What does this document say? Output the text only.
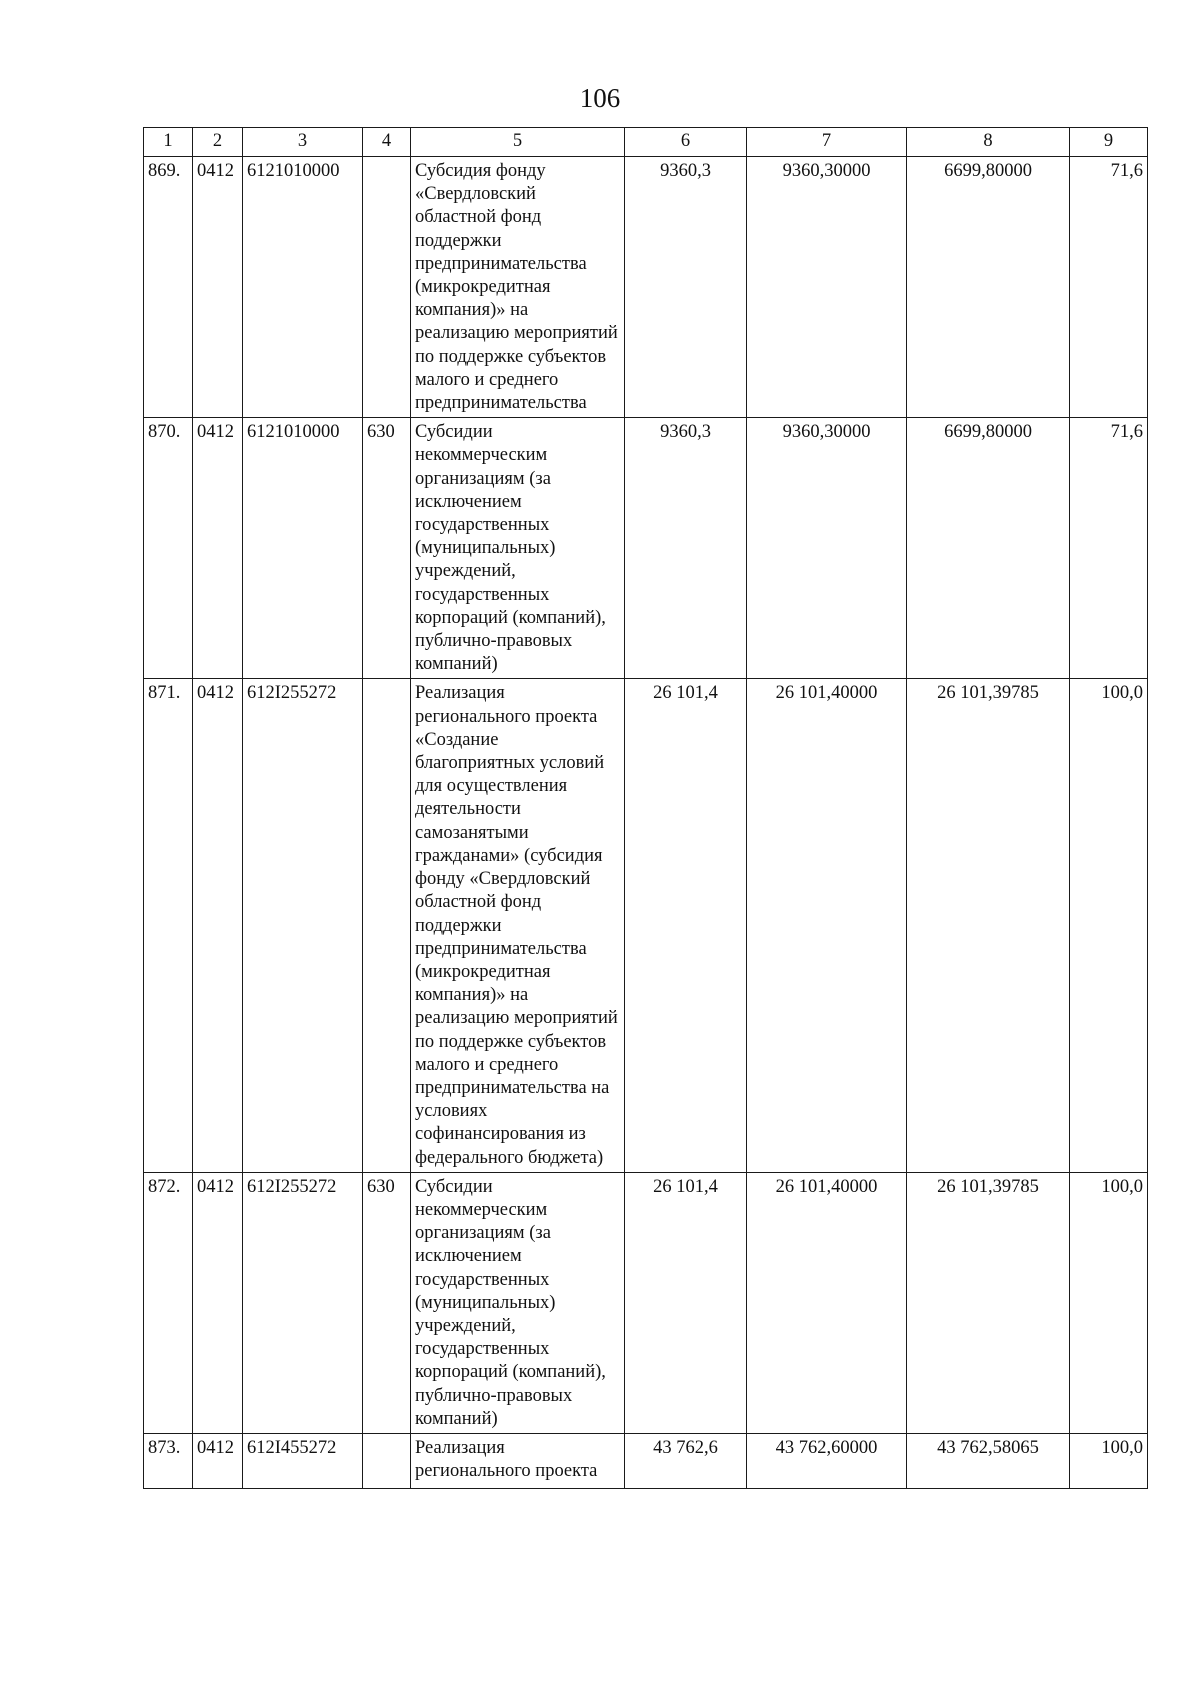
106
1	2	3	4	5	6	7	8	9
869.	0412	6121010000		Субсидия фонду «Свердловский областной фонд поддержки предпринимательства (микрокредитная компания)» на реализацию мероприятий по поддержке субъектов малого и среднего предпринимательства	9360,3	9360,30000	6699,80000	71,6
870.	0412	6121010000	630	Субсидии некоммерческим организациям (за исключением государственных (муниципальных) учреждений, государственных корпораций (компаний), публично-правовых компаний)	9360,3	9360,30000	6699,80000	71,6
871.	0412	612I255272		Реализация регионального проекта «Создание благоприятных условий для осуществления деятельности самозанятыми гражданами» (субсидия фонду «Свердловский областной фонд поддержки предпринимательства (микрокредитная компания)» на реализацию мероприятий по поддержке субъектов малого и среднего предпринимательства на условиях софинансирования из федерального бюджета)	26 101,4	26 101,40000	26 101,39785	100,0
872.	0412	612I255272	630	Субсидии некоммерческим организациям (за исключением государственных (муниципальных) учреждений, государственных корпораций (компаний), публично-правовых компаний)	26 101,4	26 101,40000	26 101,39785	100,0
873.	0412	612I455272		Реализация регионального проекта	43 762,6	43 762,60000	43 762,58065	100,0
